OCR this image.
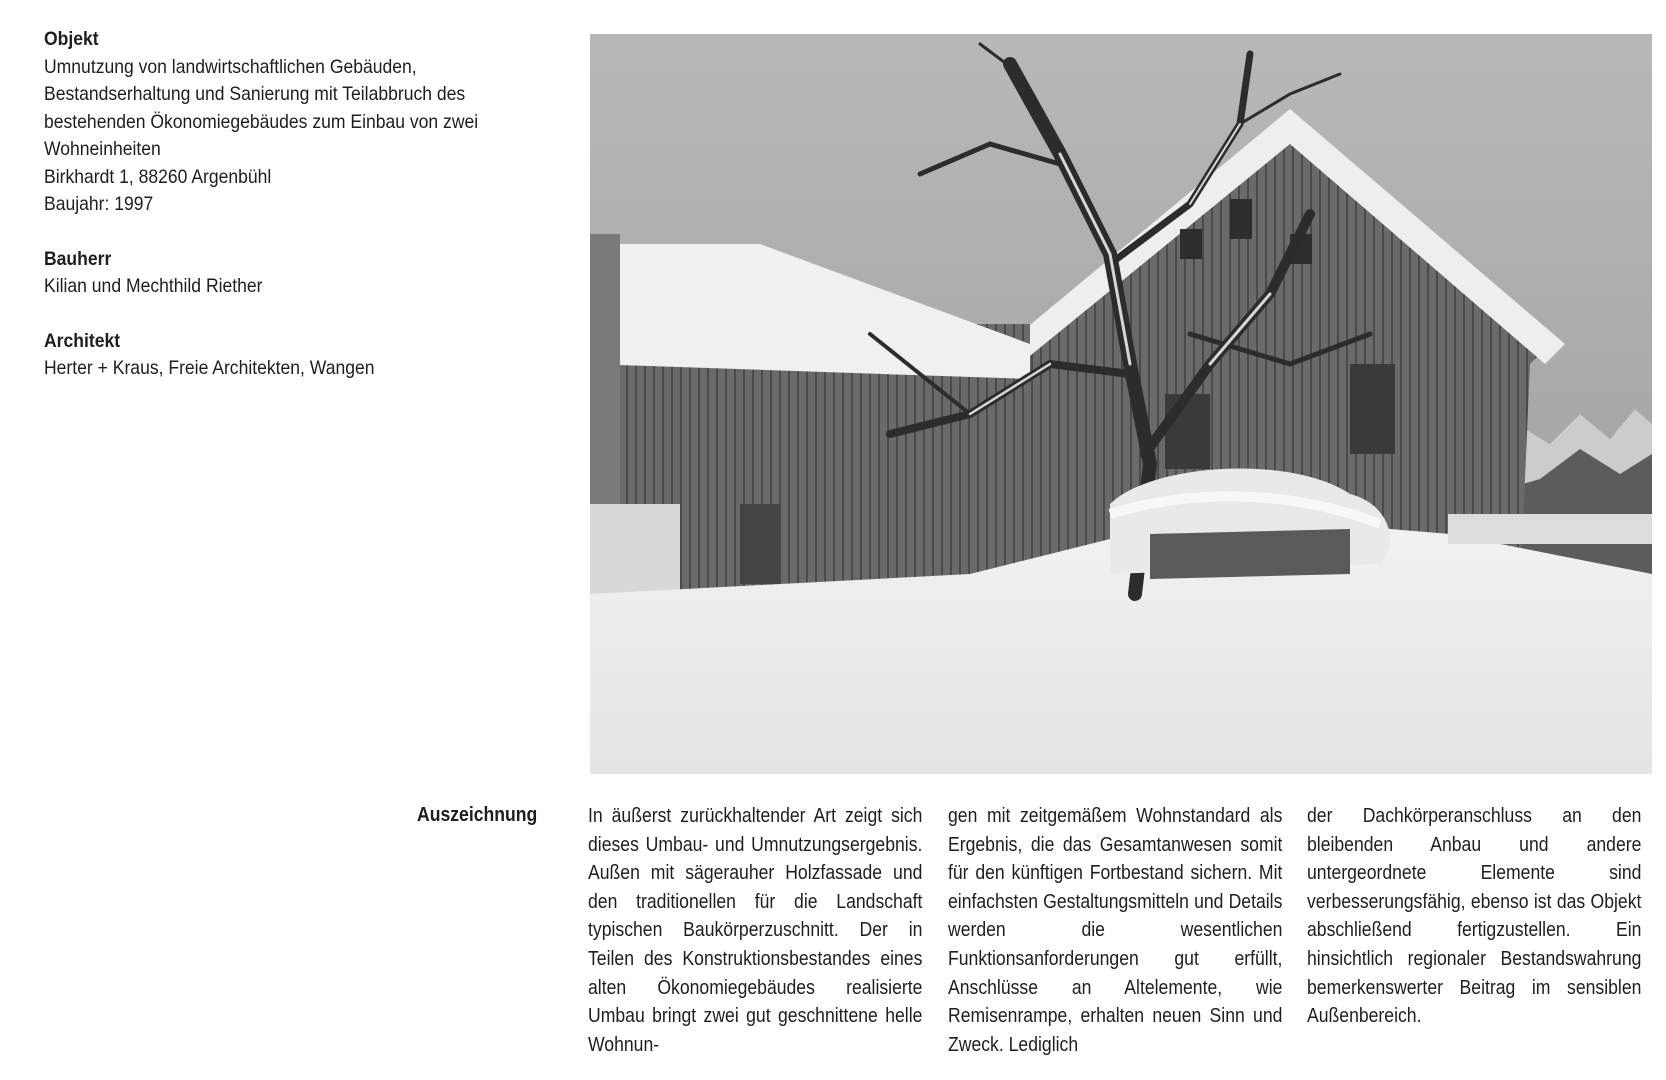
Objekt
Umnutzung von landwirtschaftlichen Gebäuden,
Bestandserhaltung und Sanierung mit Teilabbruch des
bestehenden Ökonomiegebäudes zum Einbau von zwei
Wohneinheiten
Birkhardt 1, 88260 Argenbühl
Baujahr: 1997
Bauherr
Kilian und Mechthild Riether
Architekt
Herter + Kraus, Freie Architekten, Wangen
Auszeichnung	In äußerst zurückhaltender Art zeigt sich dieses Umbau- und Umnutzungsergebnis. Außen mit sägerauher Holzfassade und den traditionellen für die Landschaft typischen Baukörperzuschnitt. Der in Teilen des Konstruktionsbestandes eines alten Ökonomiegebäudes realisierte Umbau bringt zwei gut geschnittene helle Wohnun-

gen mit zeitgemäßem Wohnstandard als Ergebnis, die das Gesamtanwesen somit für den künftigen Fortbestand sichern. Mit einfachsten Gestaltungsmitteln und Details werden die wesentlichen Funktionsanforderungen gut erfüllt, Anschlüsse an Altelemente, wie Remisenrampe, erhalten neuen Sinn und Zweck. Lediglich

der Dachkörperanschluss an den bleibenden Anbau und andere untergeordnete Elemente sind verbesserungsfähig, ebenso ist das Objekt abschließend fertigzustellen. Ein hinsichtlich regionaler Bestandswahrung bemerkenswerter Beitrag im sensiblen Außenbereich.
